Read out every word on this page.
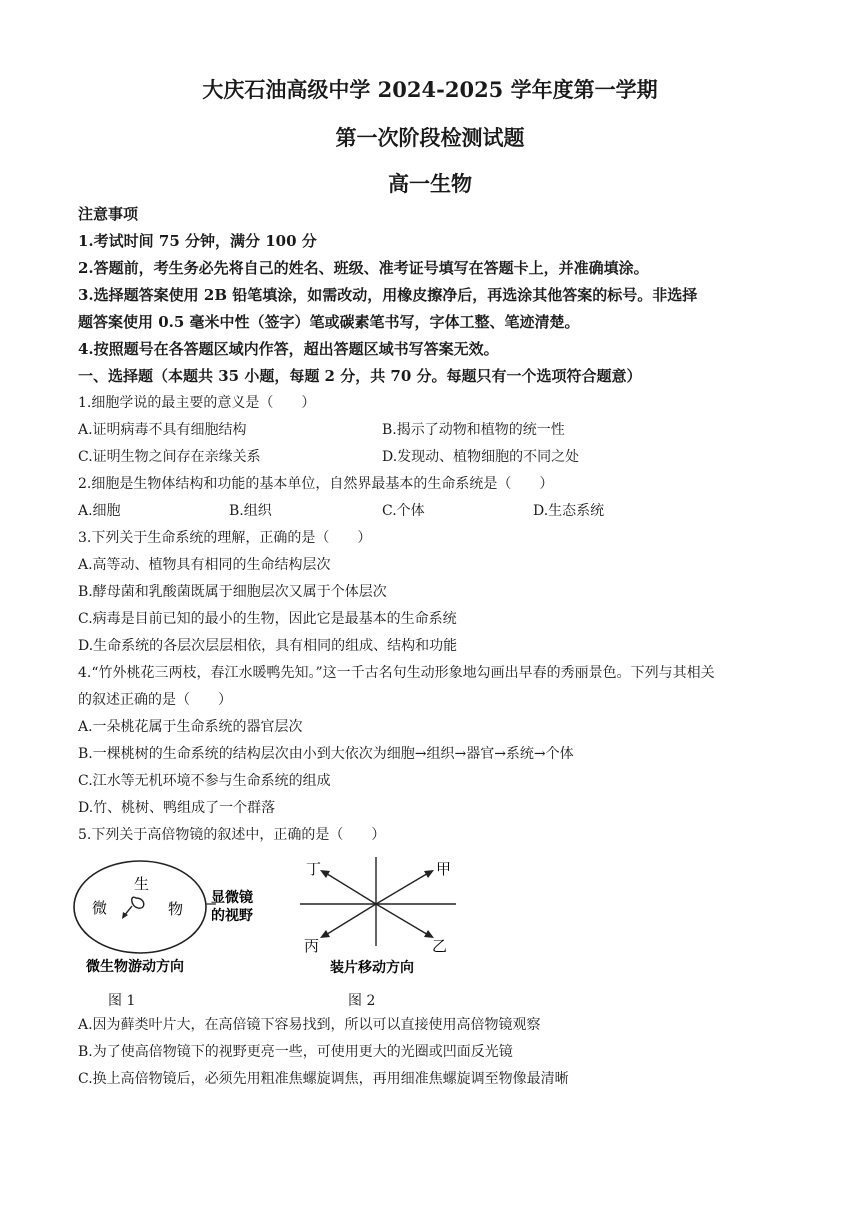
大庆石油高级中学 2024-2025 学年度第一学期
第一次阶段检测试题
高一生物
注意事项
1.考试时间 75 分钟，满分 100 分
2.答题前，考生务必先将自己的姓名、班级、准考证号填写在答题卡上，并准确填涂。
3.选择题答案使用 2B 铅笔填涂，如需改动，用橡皮擦净后，再选涂其他答案的标号。非选择
题答案使用 0.5 毫米中性（签字）笔或碳素笔书写，字体工整、笔迹清楚。
4.按照题号在各答题区域内作答，超出答题区域书写答案无效。
一、选择题（本题共 35 小题，每题 2 分，共 70 分。每题只有一个选项符合题意）
1.细胞学说的最主要的意义是（　　）
A.证明病毒不具有细胞结构	B.揭示了动物和植物的统一性
C.证明生物之间存在亲缘关系	D.发现动、植物细胞的不同之处
2.细胞是生物体结构和功能的基本单位，自然界最基本的生命系统是（　　）
A.细胞	B.组织	C.个体	D.生态系统
3.下列关于生命系统的理解，正确的是（　　）
A.高等动、植物具有相同的生命结构层次
B.酵母菌和乳酸菌既属于细胞层次又属于个体层次
C.病毒是目前已知的最小的生物，因此它是最基本的生命系统
D.生命系统的各层次层层相依，具有相同的组成、结构和功能
4.“竹外桃花三两枝，春江水暖鸭先知。”这一千古名句生动形象地勾画出早春的秀丽景色。下列与其相关
的叙述正确的是（　　）
A.一朵桃花属于生命系统的器官层次
B.一棵桃树的生命系统的结构层次由小到大依次为细胞→组织→器官→系统→个体
C.江水等无机环境不参与生命系统的组成
D.竹、桃树、鸭组成了一个群落
5.下列关于高倍物镜的叙述中，正确的是（　　）
生
微	物
显微镜
的视野
微生物游动方向
丁	甲
丙	乙
装片移动方向
图 1	图 2
A.因为藓类叶片大，在高倍镜下容易找到，所以可以直接使用高倍物镜观察
B.为了使高倍物镜下的视野更亮一些，可使用更大的光圈或凹面反光镜
C.换上高倍物镜后，必须先用粗准焦螺旋调焦，再用细准焦螺旋调至物像最清晰
